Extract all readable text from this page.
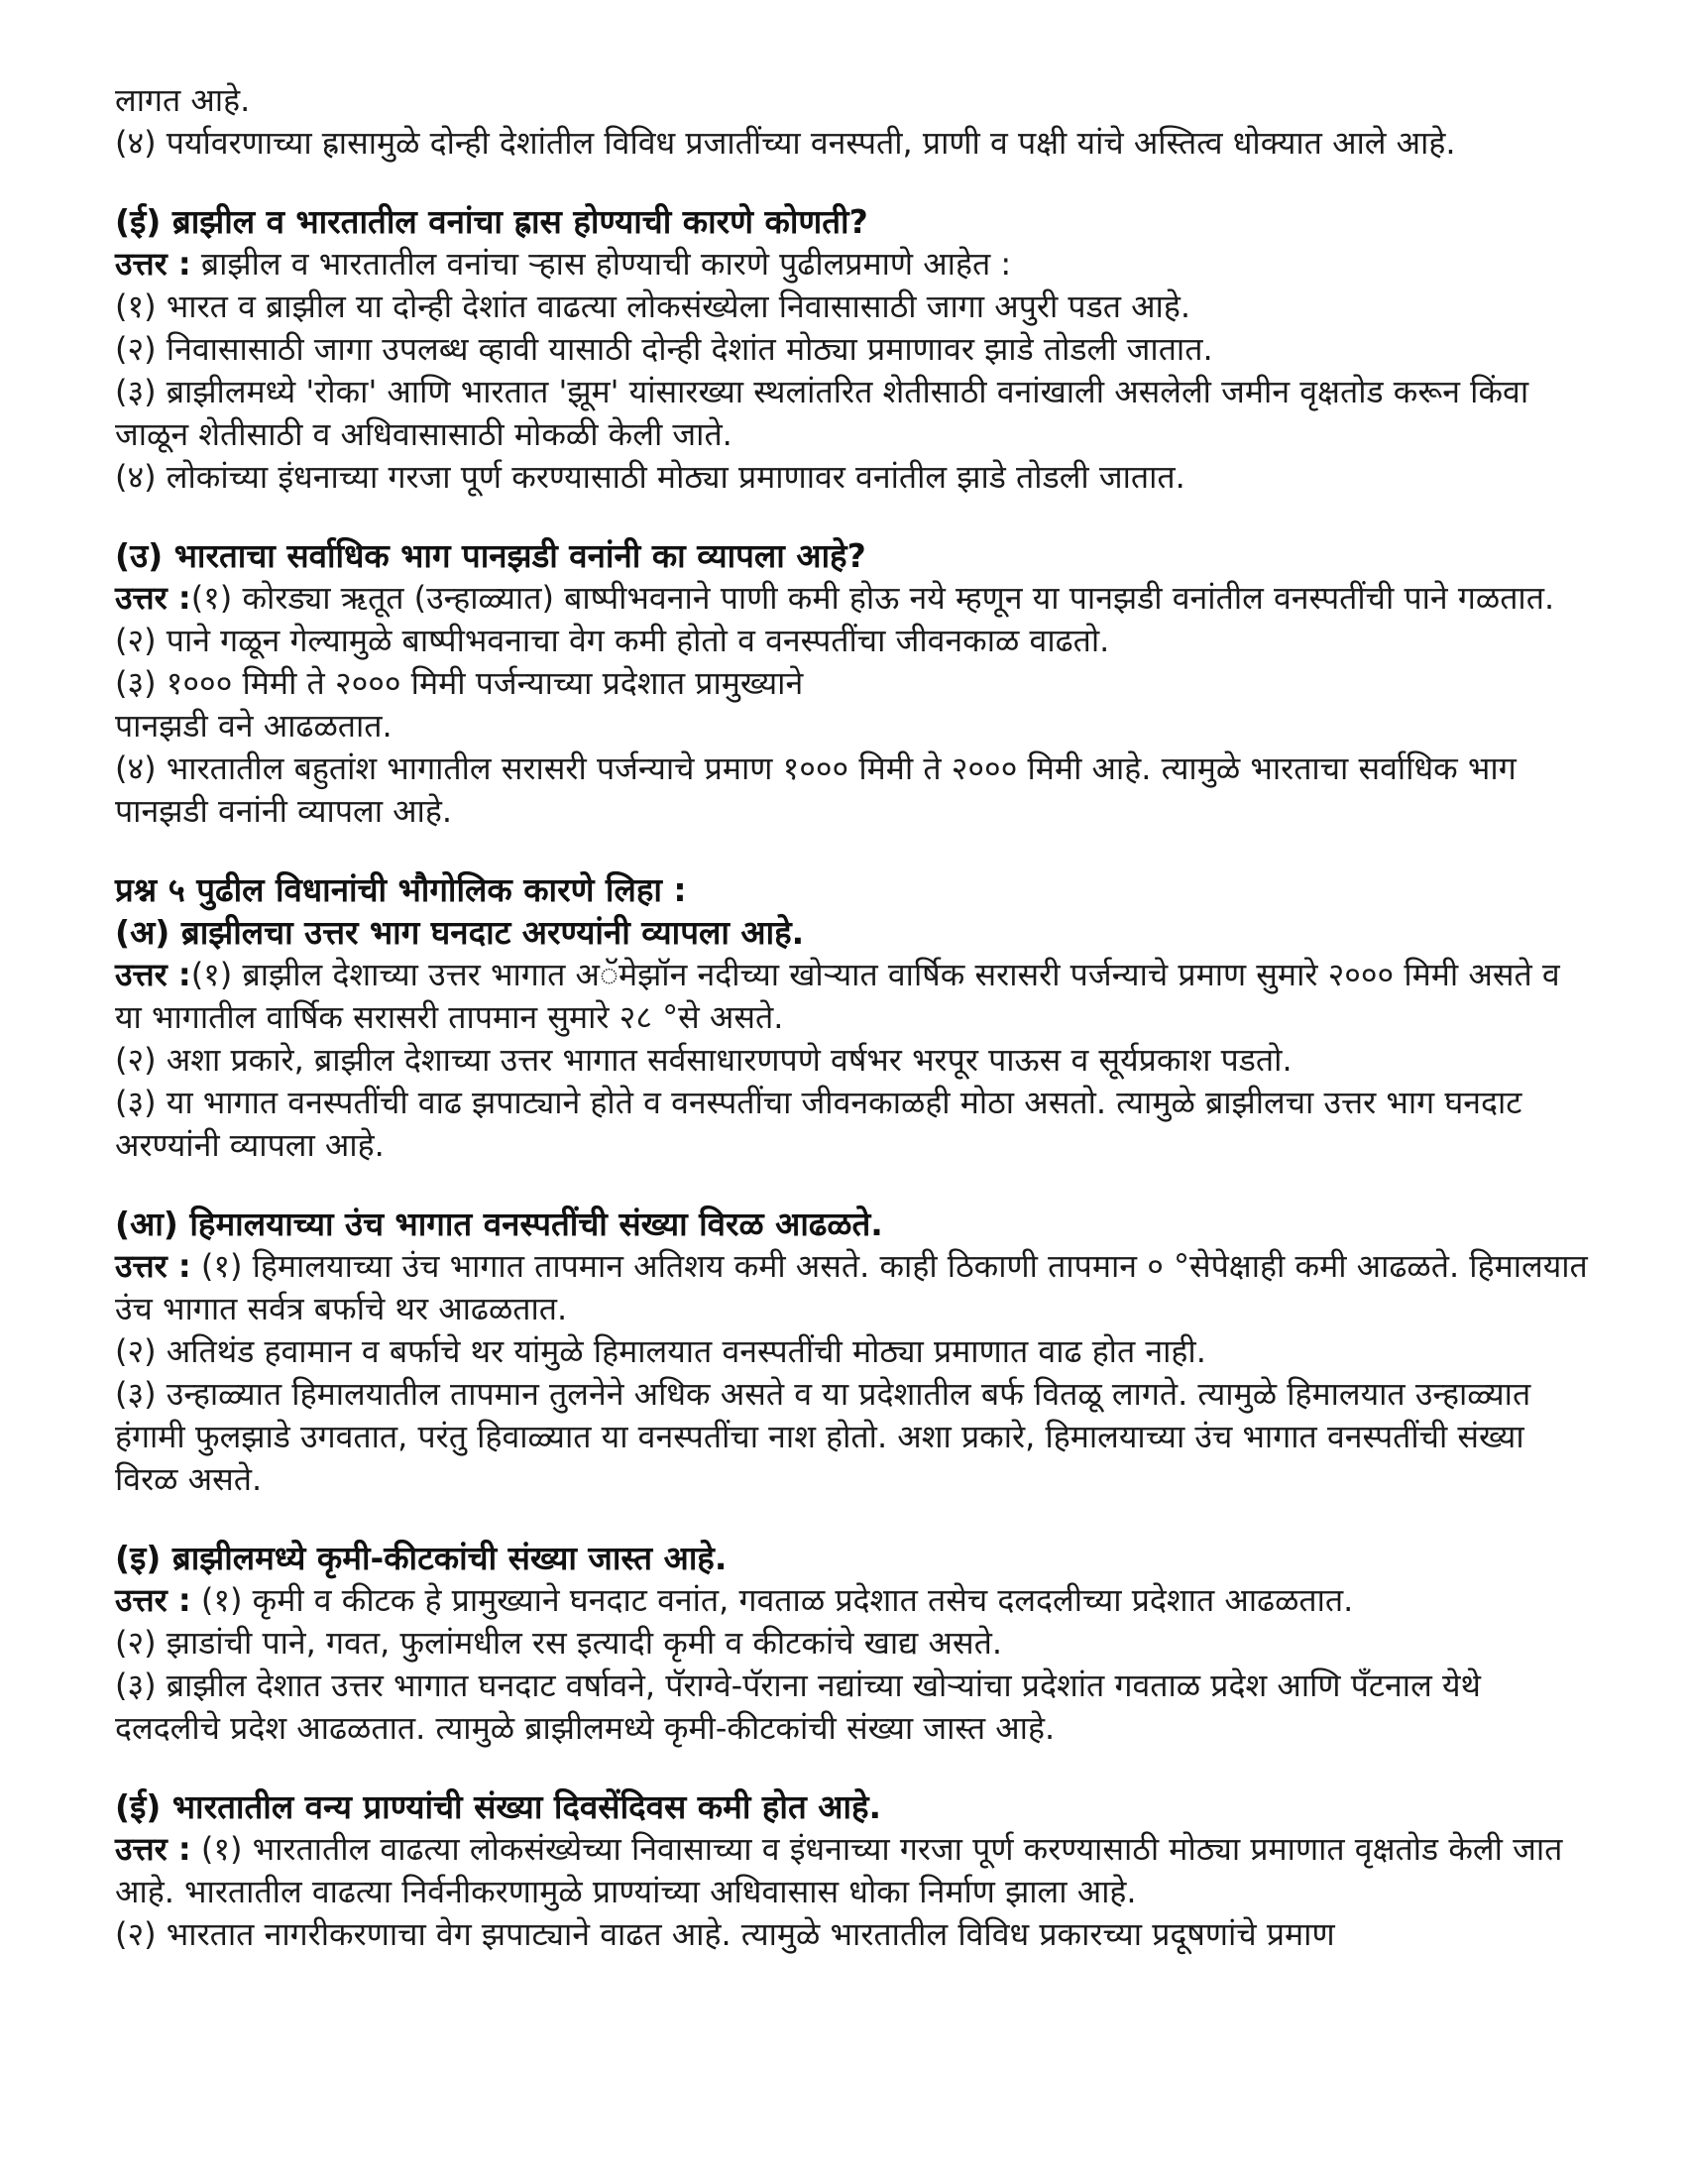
लागत आहे.

(४) पर्यावरणाच्या ह्रासामुळे दोन्ही देशांतील विविध प्रजातींच्या वनस्पती, प्राणी व पक्षी यांचे अस्तित्व धोक्यात आले आहे.

(ई) ब्राझील व भारतातील वनांचा ह्रास होण्याची कारणे कोणती?

उत्तर : ब्राझील व भारतातील वनांचा ऱ्हास होण्याची कारणे पुढीलप्रमाणे आहेत :

(१) भारत व ब्राझील या दोन्ही देशांत वाढत्या लोकसंख्येला निवासासाठी जागा अपुरी पडत आहे.

(२) निवासासाठी जागा उपलब्ध व्हावी यासाठी दोन्ही देशांत मोठ्या प्रमाणावर झाडे तोडली जातात.

(३) ब्राझीलमध्ये 'रोका' आणि भारतात 'झूम' यांसारख्या स्थलांतरित शेतीसाठी वनांखाली असलेली जमीन वृक्षतोड करून किंवा जाळून शेतीसाठी व अधिवासासाठी मोकळी केली जाते.

(४) लोकांच्या इंधनाच्या गरजा पूर्ण करण्यासाठी मोठ्या प्रमाणावर वनांतील झाडे तोडली जातात.

(उ) भारताचा सर्वाधिक भाग पानझडी वनांनी का व्यापला आहे?

उत्तर :(१) कोरड्या ऋतूत (उन्हाळ्यात) बाष्पीभवनाने पाणी कमी होऊ नये म्हणून या पानझडी वनांतील वनस्पतींची पाने गळतात.

(२) पाने गळून गेल्यामुळे बाष्पीभवनाचा वेग कमी होतो व वनस्पतींचा जीवनकाळ वाढतो.

(३) १००० मिमी ते २००० मिमी पर्जन्याच्या प्रदेशात प्रामुख्याने

पानझडी वने आढळतात.

(४) भारतातील बहुतांश भागातील सरासरी पर्जन्याचे प्रमाण १००० मिमी ते २००० मिमी आहे. त्यामुळे भारताचा सर्वाधिक भाग पानझडी वनांनी व्यापला आहे.

प्रश्न ५ पुढील विधानांची भौगोलिक कारणे लिहा :

(अ) ब्राझीलचा उत्तर भाग घनदाट अरण्यांनी व्यापला आहे.

उत्तर :(१) ब्राझील देशाच्या उत्तर भागात अॅमेझॉन नदीच्या खोऱ्यात वार्षिक सरासरी पर्जन्याचे प्रमाण सुमारे २००० मिमी असते व या भागातील वार्षिक सरासरी तापमान सुमारे २८ °से असते.

(२) अशा प्रकारे, ब्राझील देशाच्या उत्तर भागात सर्वसाधारणपणे वर्षभर भरपूर पाऊस व सूर्यप्रकाश पडतो.

(३) या भागात वनस्पतींची वाढ झपाट्याने होते व वनस्पतींचा जीवनकाळही मोठा असतो. त्यामुळे ब्राझीलचा उत्तर भाग घनदाट अरण्यांनी व्यापला आहे.

(आ) हिमालयाच्या उंच भागात वनस्पतींची संख्या विरळ आढळते.

उत्तर : (१) हिमालयाच्या उंच भागात तापमान अतिशय कमी असते. काही ठिकाणी तापमान ० °सेपेक्षाही कमी आढळते. हिमालयात उंच भागात सर्वत्र बर्फाचे थर आढळतात.

(२) अतिथंड हवामान व बर्फाचे थर यांमुळे हिमालयात वनस्पतींची मोठ्या प्रमाणात वाढ होत नाही.

(३) उन्हाळ्यात हिमालयातील तापमान तुलनेने अधिक असते व या प्रदेशातील बर्फ वितळू लागते. त्यामुळे हिमालयात उन्हाळ्यात हंगामी फुलझाडे उगवतात, परंतु हिवाळ्यात या वनस्पतींचा नाश होतो. अशा प्रकारे, हिमालयाच्या उंच भागात वनस्पतींची संख्या विरळ असते.

(इ) ब्राझीलमध्ये कृमी-कीटकांची संख्या जास्त आहे.

उत्तर : (१) कृमी व कीटक हे प्रामुख्याने घनदाट वनांत, गवताळ प्रदेशात तसेच दलदलीच्या प्रदेशात आढळतात.

(२) झाडांची पाने, गवत, फुलांमधील रस इत्यादी कृमी व कीटकांचे खाद्य असते.

(३) ब्राझील देशात उत्तर भागात घनदाट वर्षावने, पॅराग्वे-पॅराना नद्यांच्या खोऱ्यांचा प्रदेशांत गवताळ प्रदेश आणि पॅंटनाल येथे दलदलीचे प्रदेश आढळतात. त्यामुळे ब्राझीलमध्ये कृमी-कीटकांची संख्या जास्त आहे.

(ई) भारतातील वन्य प्राण्यांची संख्या दिवसेंदिवस कमी होत आहे.

उत्तर : (१) भारतातील वाढत्या लोकसंख्येच्या निवासाच्या व इंधनाच्या गरजा पूर्ण करण्यासाठी मोठ्या प्रमाणात वृक्षतोड केली जात आहे. भारतातील वाढत्या निर्वनीकरणामुळे प्राण्यांच्या अधिवासास धोका निर्माण झाला आहे.

(२) भारतात नागरीकरणाचा वेग झपाट्याने वाढत आहे. त्यामुळे भारतातील विविध प्रकारच्या प्रदूषणांचे प्रमाण
